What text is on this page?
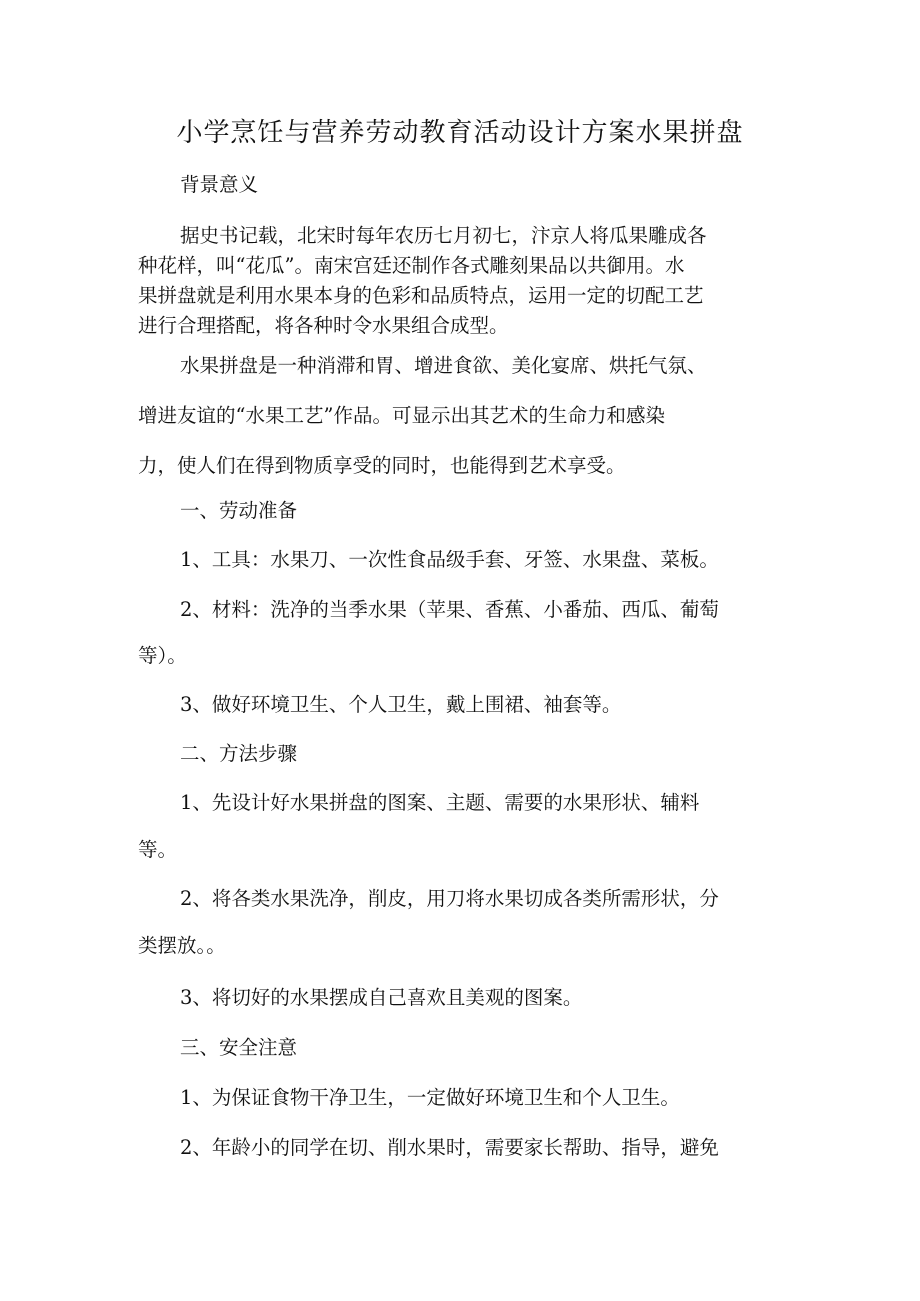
小学烹饪与营养劳动教育活动设计方案水果拼盘
背景意义
据史书记载，北宋时每年农历七月初七，汴京人将瓜果雕成各
种花样，叫“花瓜”。南宋宫廷还制作各式雕刻果品以共御用。水
果拼盘就是利用水果本身的色彩和品质特点，运用一定的切配工艺
进行合理搭配，将各种时令水果组合成型。
水果拼盘是一种消滞和胃、增进食欲、美化宴席、烘托气氛、
增进友谊的“水果工艺”作品。可显示出其艺术的生命力和感染
力，使人们在得到物质享受的同时，也能得到艺术享受。
一、劳动准备
1、工具：水果刀、一次性食品级手套、牙签、水果盘、菜板。
2、材料：洗净的当季水果（苹果、香蕉、小番茄、西瓜、葡萄
等）。
3、做好环境卫生、个人卫生，戴上围裙、袖套等。
二、方法步骤
1、先设计好水果拼盘的图案、主题、需要的水果形状、辅料
等。
2、将各类水果洗净，削皮，用刀将水果切成各类所需形状，分
类摆放。。
3、将切好的水果摆成自己喜欢且美观的图案。
三、安全注意
1、为保证食物干净卫生，一定做好环境卫生和个人卫生。
2、年龄小的同学在切、削水果时，需要家长帮助、指导，避免
